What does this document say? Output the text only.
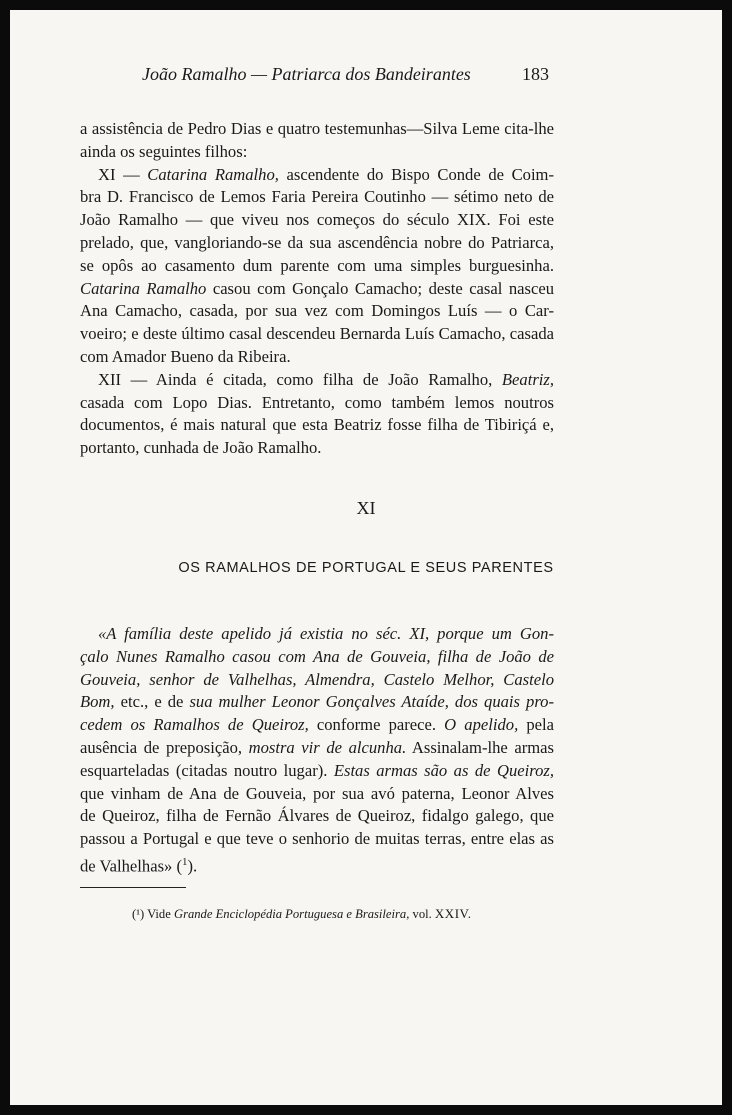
João Ramalho — Patriarca dos Bandeirantes	183

a assistência de Pedro Dias e quatro testemunhas—Silva Leme cita-lhe
ainda os seguintes filhos:

XI — Catarina Ramalho, ascendente do Bispo Conde de Coim-
bra D. Francisco de Lemos Faria Pereira Coutinho — sétimo neto de
João Ramalho — que viveu nos começos do século XIX. Foi este
prelado, que, vangloriando-se da sua ascendência nobre do Patriarca,
se opôs ao casamento dum parente com uma simples burguesinha.
Catarina Ramalho casou com Gonçalo Camacho; deste casal nasceu
Ana Camacho, casada, por sua vez com Domingos Luís — o Car-
voeiro; e deste último casal descendeu Bernarda Luís Camacho, casada
com Amador Bueno da Ribeira.

XII — Ainda é citada, como filha de João Ramalho, Beatriz,
casada com Lopo Dias. Entretanto, como também lemos noutros
documentos, é mais natural que esta Beatriz fosse filha de Tibiriçá e,
portanto, cunhada de João Ramalho.

XI
OS RAMALHOS DE PORTUGAL E SEUS PARENTES

«A família deste apelido já existia no séc. XI, porque um Gon-
çalo Nunes Ramalho casou com Ana de Gouveia, filha de João de
Gouveia, senhor de Valhelhas, Almendra, Castelo Melhor, Castelo
Bom, etc., e de sua mulher Leonor Gonçalves Ataíde, dos quais pro-
cedem os Ramalhos de Queiroz, conforme parece. O apelido, pela
ausência de preposição, mostra vir de alcunha. Assinalam-lhe armas
esquarteladas (citadas noutro lugar). Estas armas são as de Queiroz,
que vinham de Ana de Gouveia, por sua avó paterna, Leonor Alves
de Queiroz, filha de Fernão Álvares de Queiroz, fidalgo galego, que
passou a Portugal e que teve o senhorio de muitas terras, entre elas as
de Valhelhas» ($^1$).

(¹) Vide Grande Enciclopédia Portuguesa e Brasileira, vol. XXIV.
